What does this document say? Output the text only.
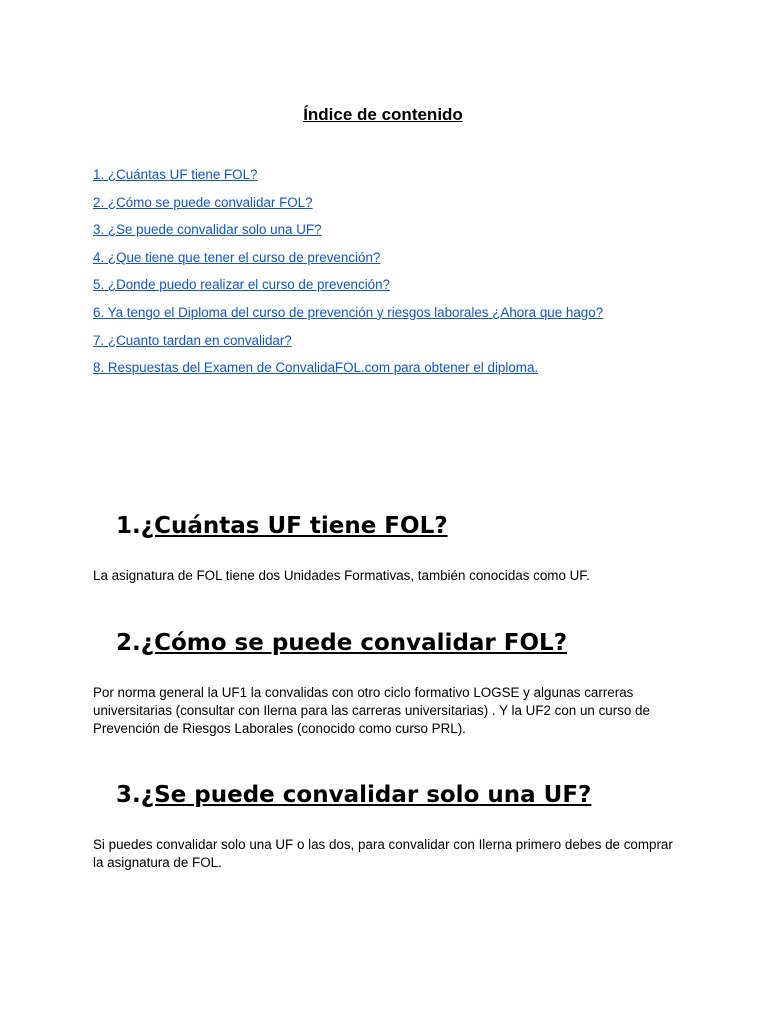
Índice de contenido
1. ¿Cuántas UF tiene FOL?
2. ¿Cómo se puede convalidar FOL?
3. ¿Se puede convalidar solo una UF?
4. ¿Que tiene que tener el curso de prevención?
5. ¿Donde puedo realizar el curso de prevención?
6. Ya tengo el Diploma del curso de prevención y riesgos laborales ¿Ahora que hago?
7. ¿Cuanto tardan en convalidar?
8. Respuestas del Examen de ConvalidaFOL.com para obtener el diploma.
1.¿Cuántas UF tiene FOL?

La asignatura de FOL tiene dos Unidades Formativas, también conocidas como UF.

2.¿Cómo se puede convalidar FOL?

Por norma general la UF1 la convalidas con otro ciclo formativo LOGSE y algunas carreras universitarias (consultar con Ilerna para las carreras universitarias) . Y la UF2 con un curso de Prevención de Riesgos Laborales (conocido como curso PRL).

3.¿Se puede convalidar solo una UF?

Si puedes convalidar solo una UF o las dos, para convalidar con Ilerna primero debes de comprar la asignatura de FOL.
